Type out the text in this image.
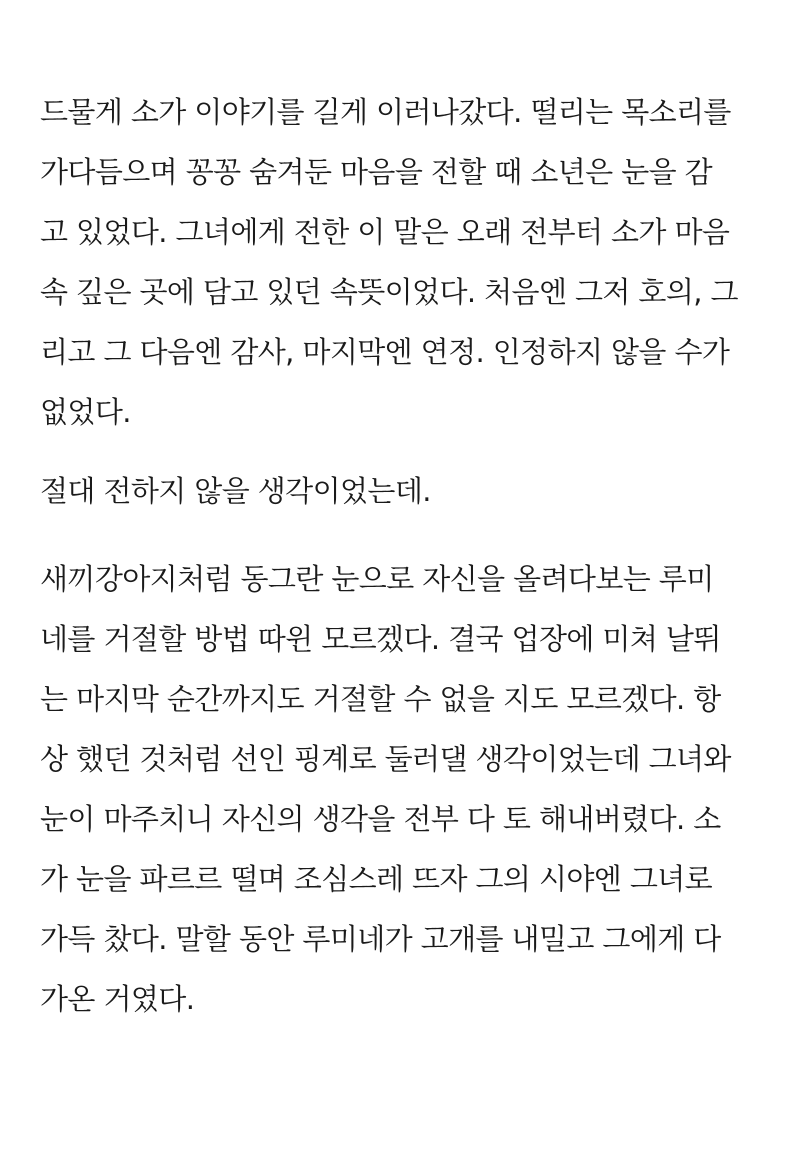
드물게 소가 이야기를 길게 이러나갔다. 떨리는 목소리를
가다듬으며 꽁꽁 숨겨둔 마음을 전할 때 소년은 눈을 감
고 있었다. 그녀에게 전한 이 말은 오래 전부터 소가 마음
속 깊은 곳에 담고 있던 속뜻이었다. 처음엔 그저 호의, 그
리고 그 다음엔 감사, 마지막엔 연정. 인정하지 않을 수가
없었다.
절대 전하지 않을 생각이었는데.
새끼강아지처럼 동그란 눈으로 자신을 올려다보는 루미
네를 거절할 방법 따윈 모르겠다. 결국 업장에 미쳐 날뛰
는 마지막 순간까지도 거절할 수 없을 지도 모르겠다. 항
상 했던 것처럼 선인 핑계로 둘러댈 생각이었는데 그녀와
눈이 마주치니 자신의 생각을 전부 다 토 해내버렸다. 소
가 눈을 파르르 떨며 조심스레 뜨자 그의 시야엔 그녀로
가득 찼다. 말할 동안 루미네가 고개를 내밀고 그에게 다
가온 거였다.
